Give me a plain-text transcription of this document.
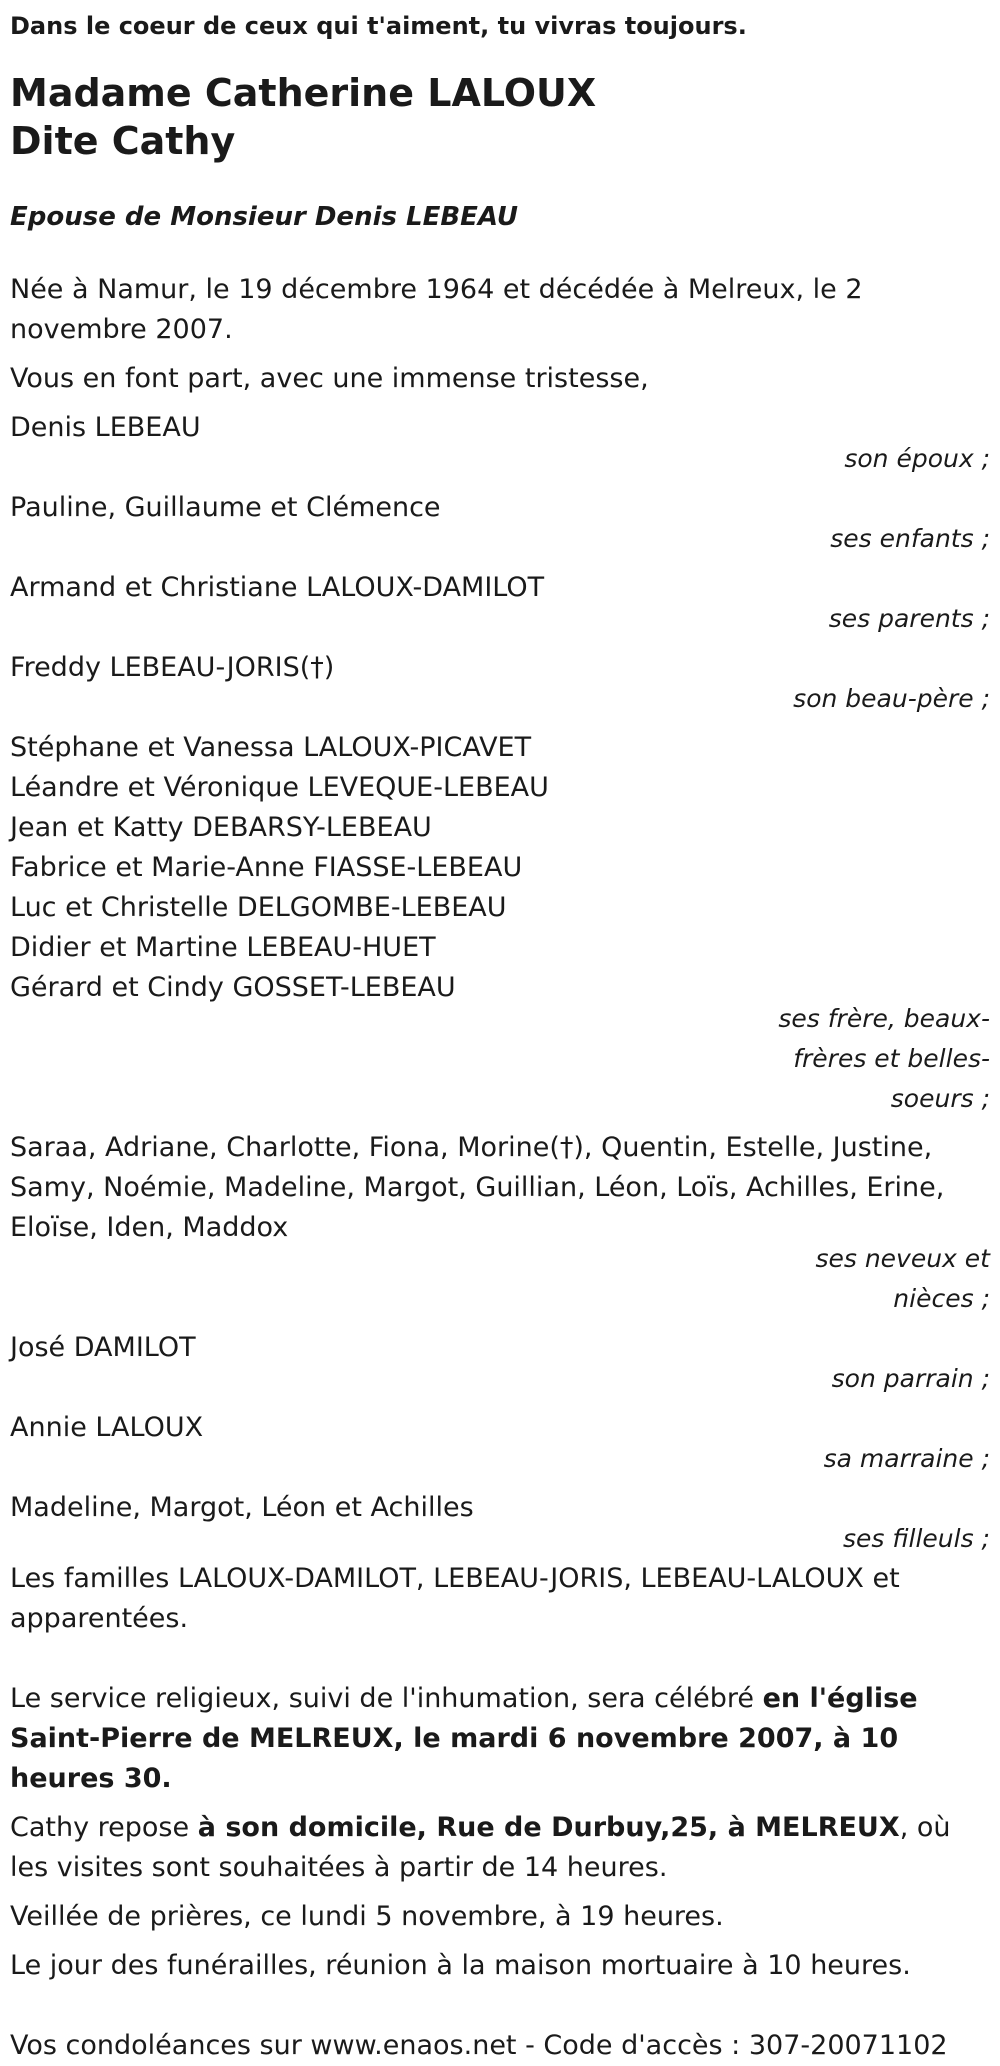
Dans le coeur de ceux qui t'aiment, tu vivras toujours.

Madame Catherine LALOUX
Dite Cathy

Epouse de Monsieur Denis LEBEAU

Née à Namur, le 19 décembre 1964 et décédée à Melreux, le 2 novembre 2007.

Vous en font part, avec une immense tristesse,

Denis LEBEAU
son époux ;
Pauline, Guillaume et Clémence
ses enfants ;
Armand et Christiane LALOUX-DAMILOT
ses parents ;
Freddy LEBEAU-JORIS(†)
son beau-père ;
Stéphane et Vanessa LALOUX-PICAVET
Léandre et Véronique LEVEQUE-LEBEAU
Jean et Katty DEBARSY-LEBEAU
Fabrice et Marie-Anne FIASSE-LEBEAU
Luc et Christelle DELGOMBE-LEBEAU
Didier et Martine LEBEAU-HUET
Gérard et Cindy GOSSET-LEBEAU
ses frère, beaux-frères et belles-soeurs ;
Saraa, Adriane, Charlotte, Fiona, Morine(†), Quentin, Estelle, Justine, Samy, Noémie, Madeline, Margot, Guillian, Léon, Loïs, Achilles, Erine, Eloïse, Iden, Maddox
ses neveux et nièces ;
José DAMILOT
son parrain ;
Annie LALOUX
sa marraine ;
Madeline, Margot, Léon et Achilles
ses filleuls ;

Les familles LALOUX-DAMILOT, LEBEAU-JORIS, LEBEAU-LALOUX et apparentées.

Le service religieux, suivi de l'inhumation, sera célébré en l'église Saint-Pierre de MELREUX, le mardi 6 novembre 2007, à 10 heures 30.

Cathy repose à son domicile, Rue de Durbuy,25, à MELREUX, où les visites sont souhaitées à partir de 14 heures.

Veillée de prières, ce lundi 5 novembre, à 19 heures.

Le jour des funérailles, réunion à la maison mortuaire à 10 heures.

Vos condoléances sur www.enaos.net - Code d'accès : 307-20071102
